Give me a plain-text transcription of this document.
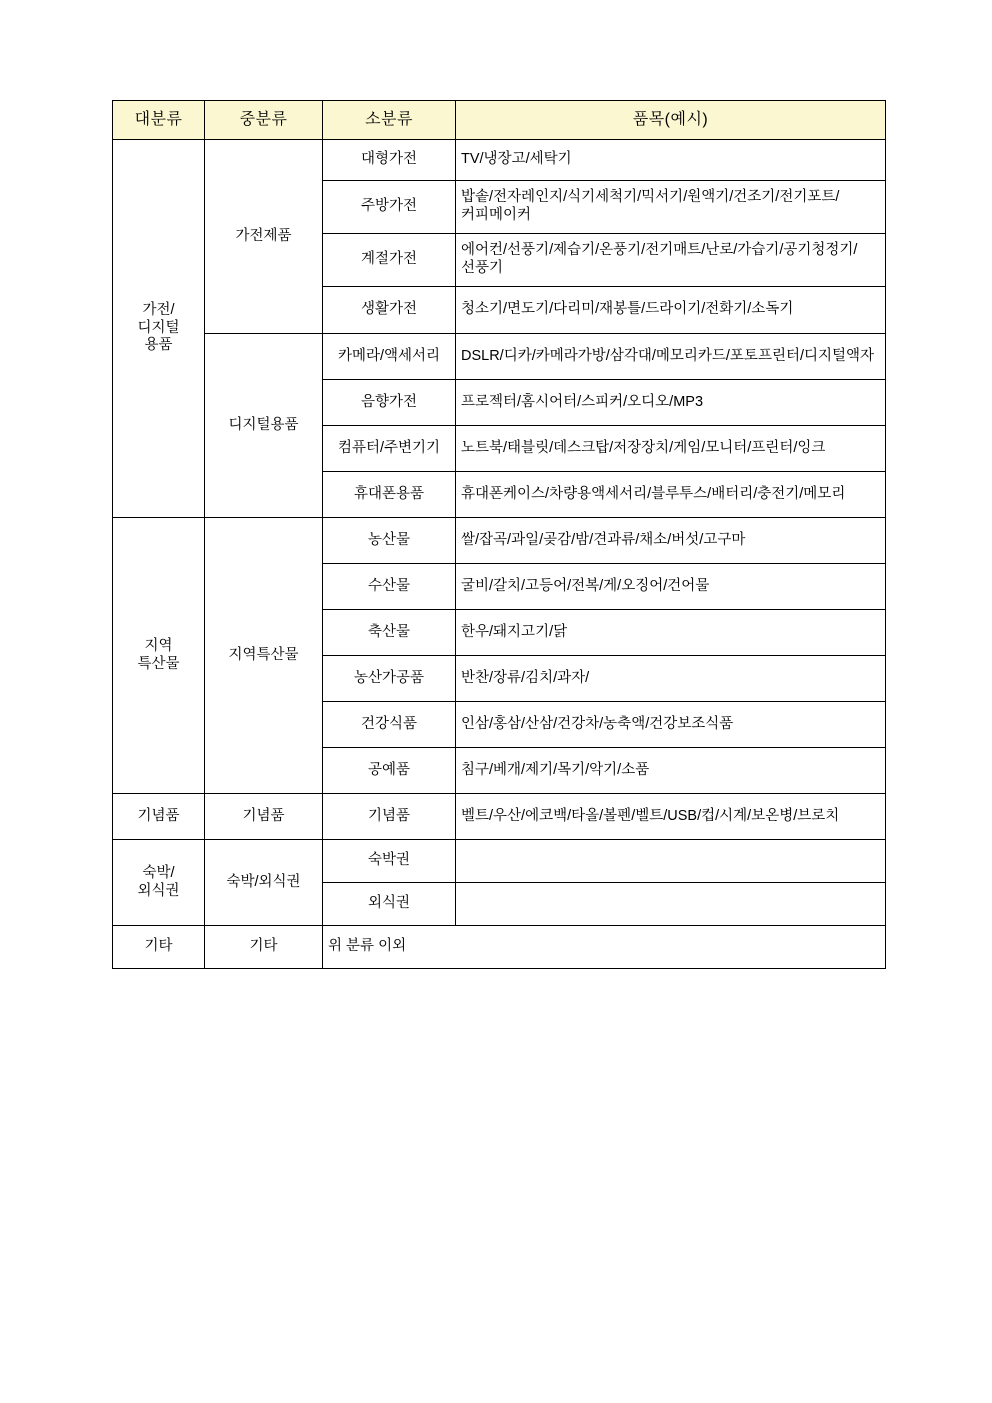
대분류	중분류	소분류	품목(예시)
가전/
디지털
용품	가전제품	대형가전	TV/냉장고/세탁기
		주방가전	밥솥/전자레인지/식기세척기/믹서기/원액기/건조기/전기포트/커피메이커
		계절가전	에어컨/선풍기/제습기/온풍기/전기매트/난로/가습기/공기청정기/선풍기
		생활가전	청소기/면도기/다리미/재봉틀/드라이기/전화기/소독기
	디지털용품	카메라/액세서리	DSLR/디카/카메라가방/삼각대/메모리카드/포토프린터/디지털액자
		음향가전	프로젝터/홈시어터/스피커/오디오/MP3
		컴퓨터/주변기기	노트북/태블릿/데스크탑/저장장치/게임/모니터/프린터/잉크
		휴대폰용품	휴대폰케이스/차량용액세서리/블루투스/배터리/충전기/메모리
지역
특산물	지역특산물	농산물	쌀/잡곡/과일/곶감/밤/견과류/채소/버섯/고구마
		수산물	굴비/갈치/고등어/전복/게/오징어/건어물
		축산물	한우/돼지고기/닭
		농산가공품	반찬/장류/김치/과자/
		건강식품	인삼/홍삼/산삼/건강차/농축액/건강보조식품
		공예품	침구/베개/제기/목기/악기/소품
기념품	기념품	기념품	벨트/우산/에코백/타올/볼펜/벨트/USB/컵/시계/보온병/브로치
숙박/
외식권	숙박/외식권	숙박권	
		외식권	
기타	기타	위 분류 이외	
